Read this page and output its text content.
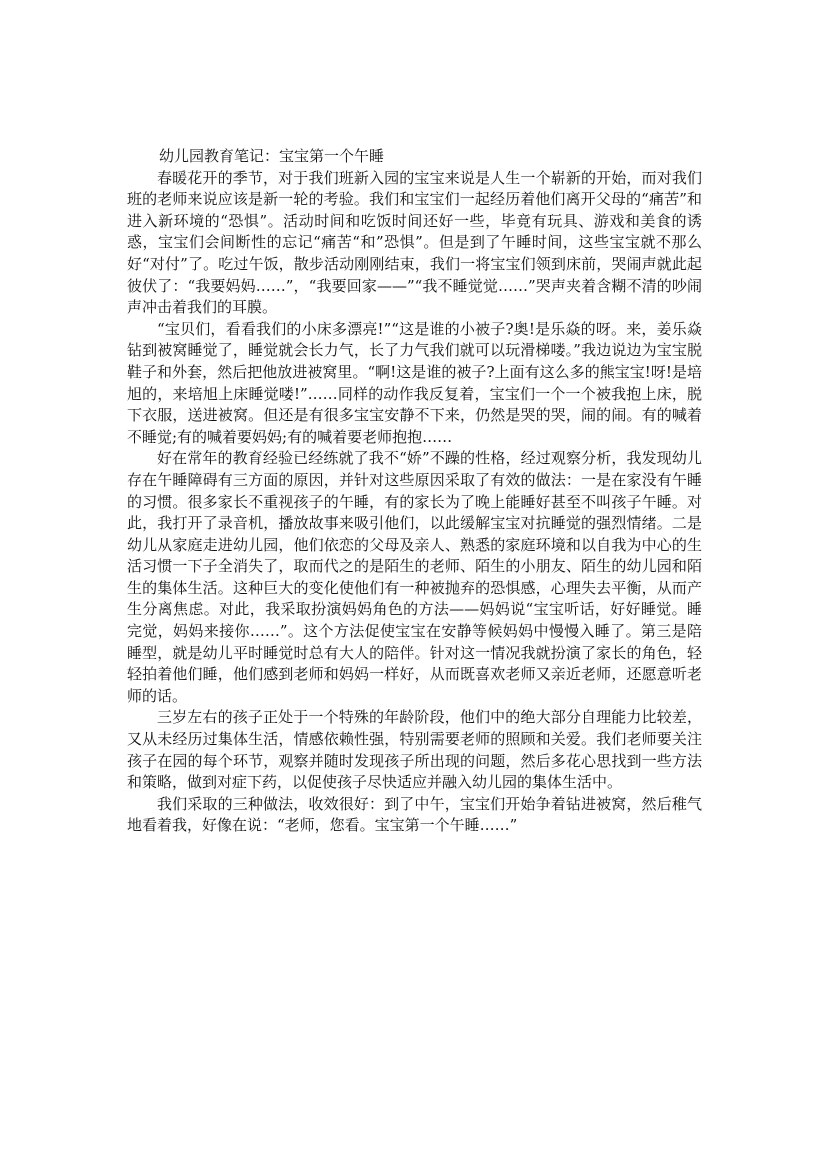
幼儿园教育笔记：宝宝第一个午睡

春暖花开的季节，对于我们班新入园的宝宝来说是人生一个崭新的开始，而对我们班的老师来说应该是新一轮的考验。我们和宝宝们一起经历着他们离开父母的“痛苦”和进入新环境的“恐惧”。活动时间和吃饭时间还好一些，毕竟有玩具、游戏和美食的诱惑，宝宝们会间断性的忘记“痛苦“和”恐惧”。但是到了午睡时间，这些宝宝就不那么好“对付”了。吃过午饭，散步活动刚刚结束，我们一将宝宝们领到床前，哭闹声就此起彼伏了：“我要妈妈……”，“我要回家——”“我不睡觉觉……”哭声夹着含糊不清的吵闹声冲击着我们的耳膜。

“宝贝们，看看我们的小床多漂亮!”“这是谁的小被子?奥!是乐焱的呀。来，姜乐焱钻到被窝睡觉了，睡觉就会长力气，长了力气我们就可以玩滑梯喽。”我边说边为宝宝脱鞋子和外套，然后把他放进被窝里。“啊!这是谁的被子?上面有这么多的熊宝宝!呀!是培旭的，来培旭上床睡觉喽!”……同样的动作我反复着，宝宝们一个一个被我抱上床，脱下衣服，送进被窝。但还是有很多宝宝安静不下来，仍然是哭的哭，闹的闹。有的喊着不睡觉;有的喊着要妈妈;有的喊着要老师抱抱……

好在常年的教育经验已经练就了我不“娇”不躁的性格，经过观察分析，我发现幼儿存在午睡障碍有三方面的原因，并针对这些原因采取了有效的做法：一是在家没有午睡的习惯。很多家长不重视孩子的午睡，有的家长为了晚上能睡好甚至不叫孩子午睡。对此，我打开了录音机，播放故事来吸引他们，以此缓解宝宝对抗睡觉的强烈情绪。二是幼儿从家庭走进幼儿园，他们依恋的父母及亲人、熟悉的家庭环境和以自我为中心的生活习惯一下子全消失了，取而代之的是陌生的老师、陌生的小朋友、陌生的幼儿园和陌生的集体生活。这种巨大的变化使他们有一种被抛弃的恐惧感，心理失去平衡，从而产生分离焦虑。对此，我采取扮演妈妈角色的方法——妈妈说“宝宝听话，好好睡觉。睡完觉，妈妈来接你……”。这个方法促使宝宝在安静等候妈妈中慢慢入睡了。第三是陪睡型，就是幼儿平时睡觉时总有大人的陪伴。针对这一情况我就扮演了家长的角色，轻轻拍着他们睡，他们感到老师和妈妈一样好，从而既喜欢老师又亲近老师，还愿意听老师的话。

三岁左右的孩子正处于一个特殊的年龄阶段，他们中的绝大部分自理能力比较差，又从未经历过集体生活，情感依赖性强，特别需要老师的照顾和关爱。我们老师要关注孩子在园的每个环节，观察并随时发现孩子所出现的问题，然后多花心思找到一些方法和策略，做到对症下药，以促使孩子尽快适应并融入幼儿园的集体生活中。

我们采取的三种做法，收效很好：到了中午，宝宝们开始争着钻进被窝，然后稚气地看着我，好像在说：“老师，您看。宝宝第一个午睡……”
